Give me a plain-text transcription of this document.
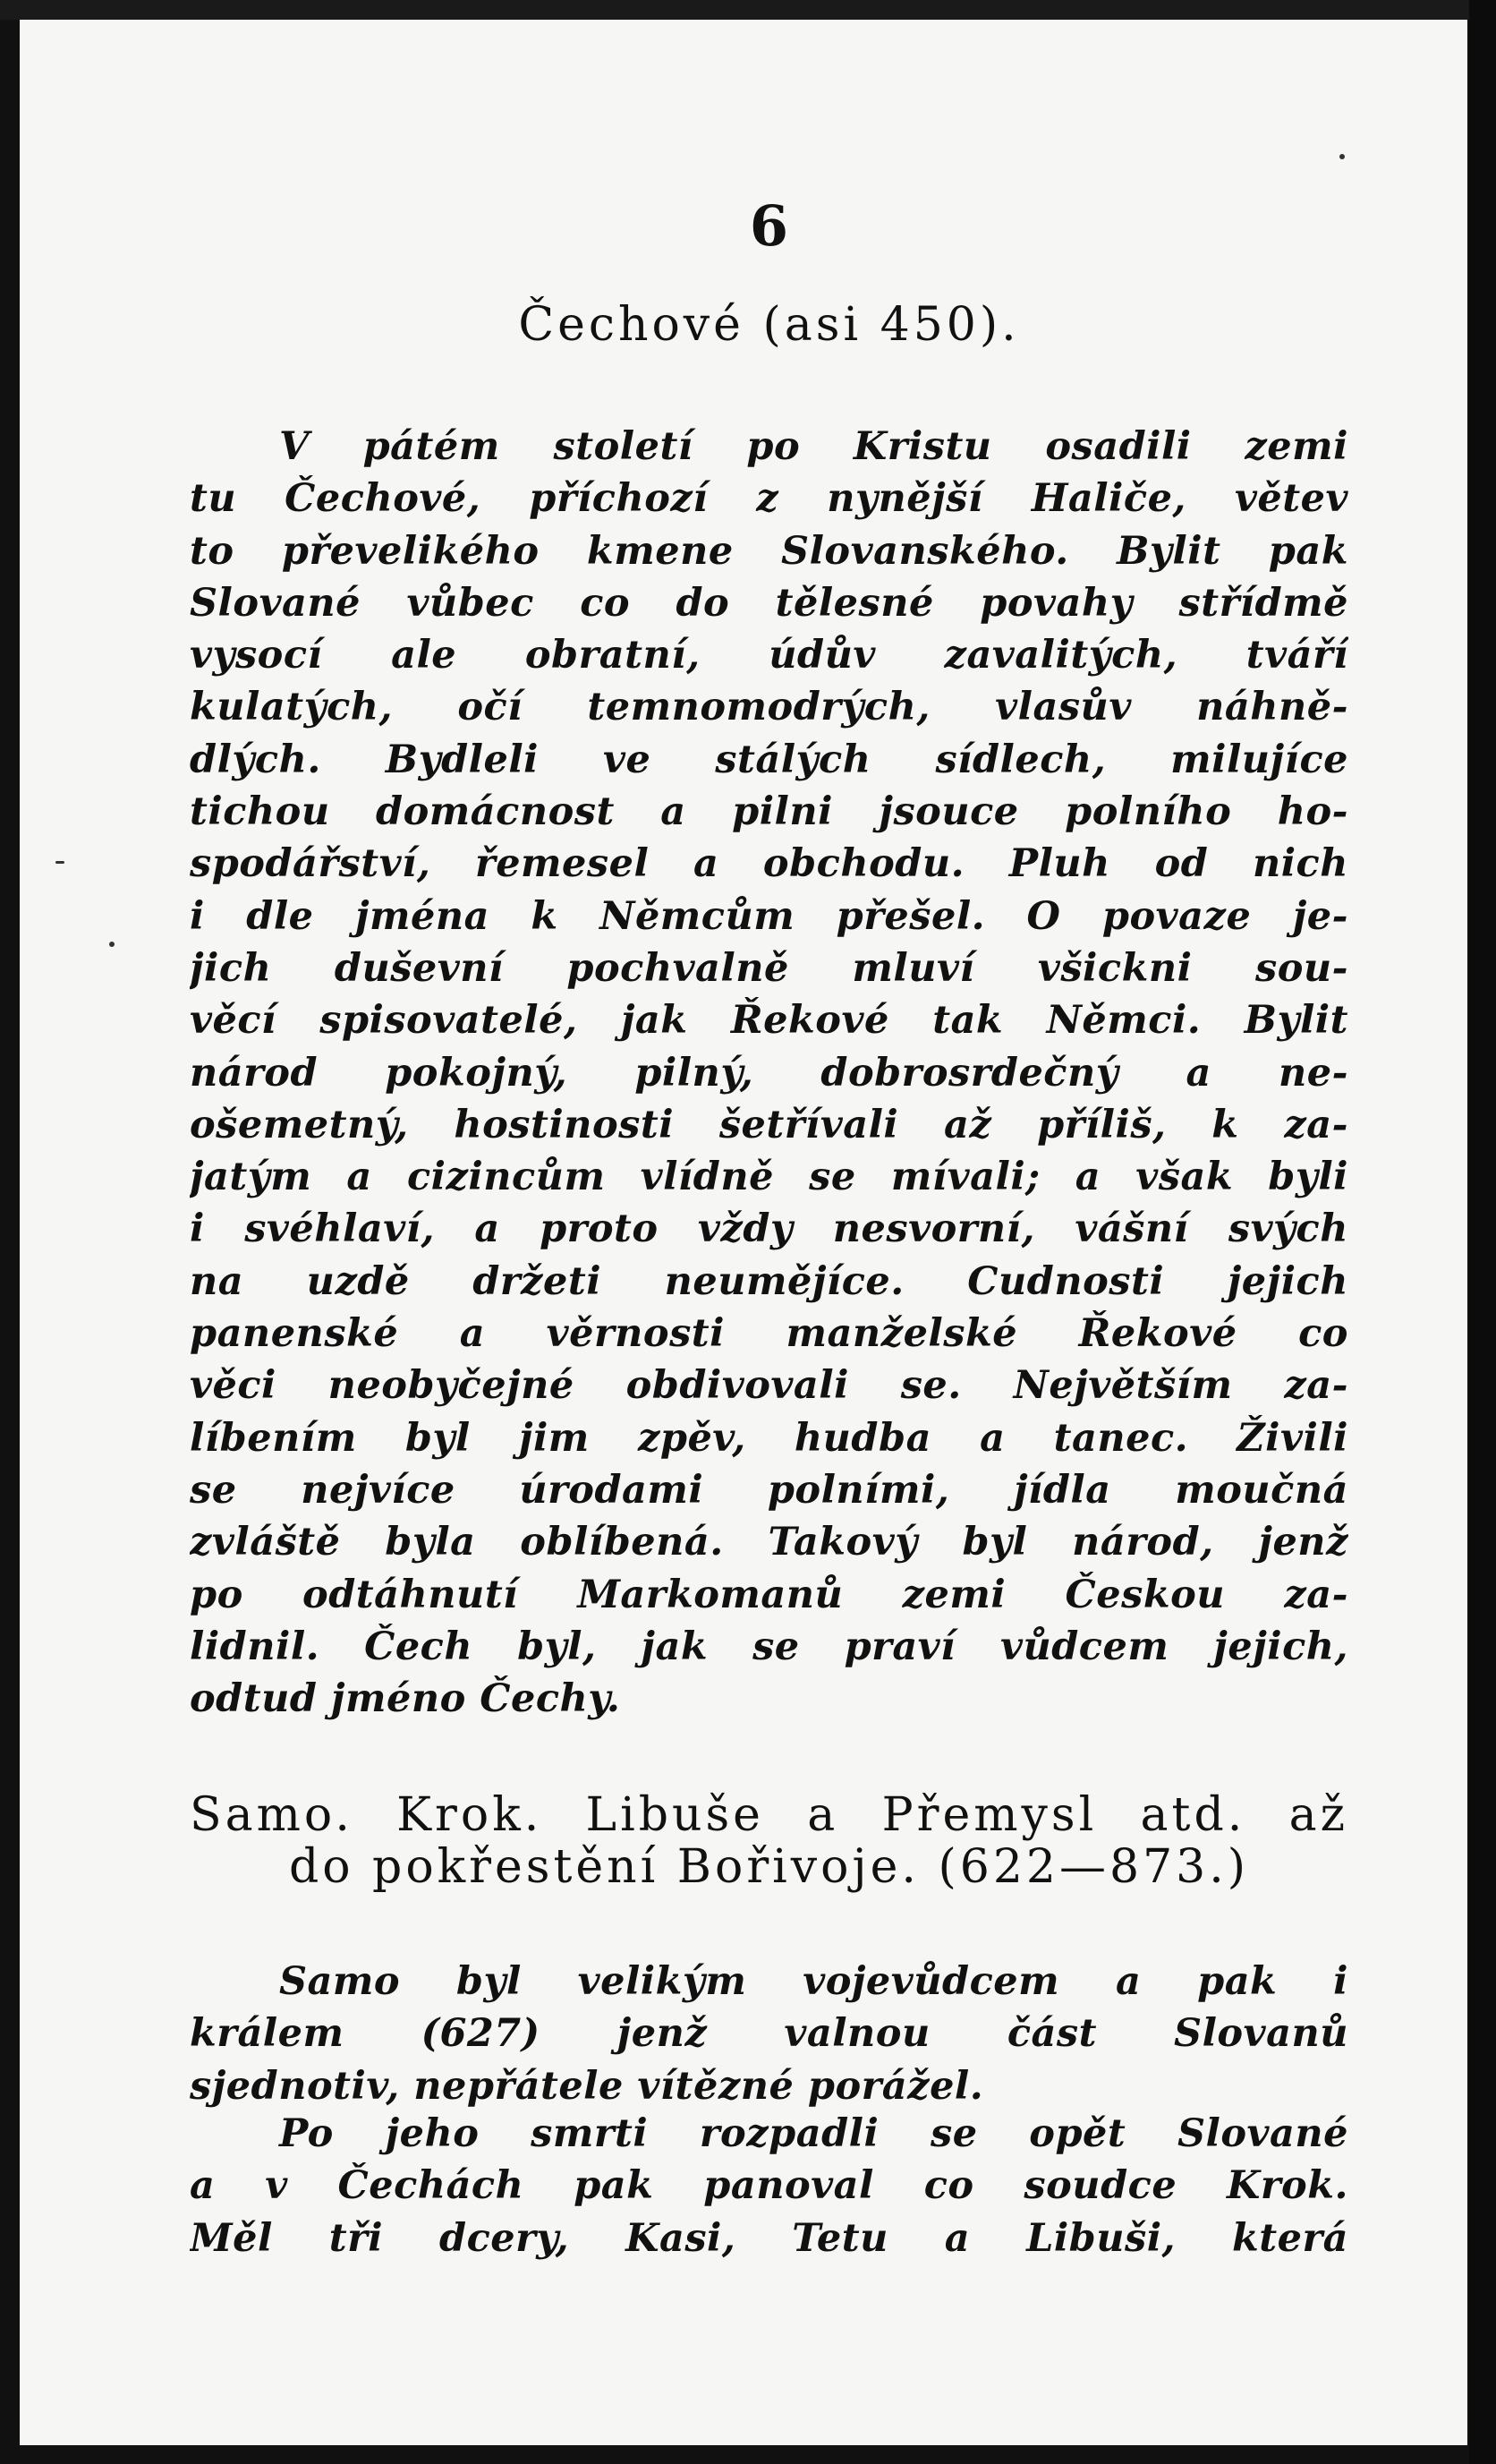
6
Čechové (asi 450).
V pátém století po Kristu osadili zemi
tu Čechové, příchozí z nynější Haliče, větev
to převelikého kmene Slovanského. Bylit pak
Slované vůbec co do tělesné povahy střídmě
vysocí ale obratní, údův zavalitých, tváří
kulatých, očí temnomodrých, vlasův náhně-
dlých. Bydleli ve stálých sídlech, milujíce
tichou domácnost a pilni jsouce polního ho-
spodářství, řemesel a obchodu. Pluh od nich
i dle jména k Němcům přešel. O povaze je-
jich duševní pochvalně mluví všickni sou-
věcí spisovatelé, jak Řekové tak Němci. Bylit
národ pokojný, pilný, dobrosrdečný a ne-
ošemetný, hostinosti šetřívali až příliš, k za-
jatým a cizincům vlídně se mívali; a však byli
i svéhlaví, a proto vždy nesvorní, vášní svých
na uzdě držeti neumějíce. Cudnosti jejich
panenské a věrnosti manželské Řekové co
věci neobyčejné obdivovali se. Největším za-
líbením byl jim zpěv, hudba a tanec. Živili
se nejvíce úrodami polními, jídla moučná
zvláště byla oblíbená. Takový byl národ, jenž
po odtáhnutí Markomanů zemi Českou za-
lidnil. Čech byl, jak se praví vůdcem jejich,
odtud jméno Čechy.
Samo. Krok. Libuše a Přemysl atd. až
do pokřestění Bořivoje. (622—873.)
Samo byl velikým vojevůdcem a pak i
králem (627) jenž valnou část Slovanů
sjednotiv, nepřátele vítězné porážel.
Po jeho smrti rozpadli se opět Slované
a v Čechách pak panoval co soudce Krok.
Měl tři dcery, Kasi, Tetu a Libuši, která
